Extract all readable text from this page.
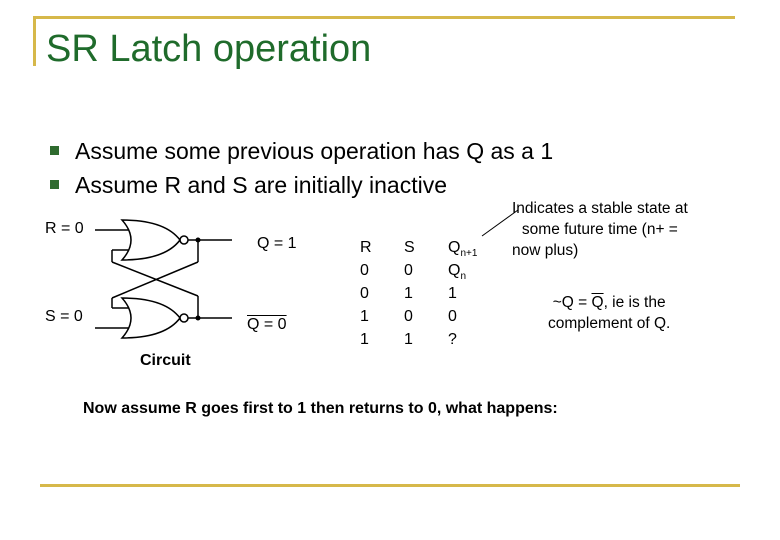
SR Latch operation
Assume some previous operation has Q as a 1
Assume R and S are initially inactive
R = 0
S = 0
Q = 1
Q = 0
Circuit
R
0
0
1
1
S
0
1
0
1
$Q_{n+1}$
$Q_n$
1
0
?
Indicates a stable state at
some future time (n+ =
now plus)
~Q = $\overline{Q}$, ie is the
complement of Q.
Now assume R goes first to 1 then returns to 0, what happens:
